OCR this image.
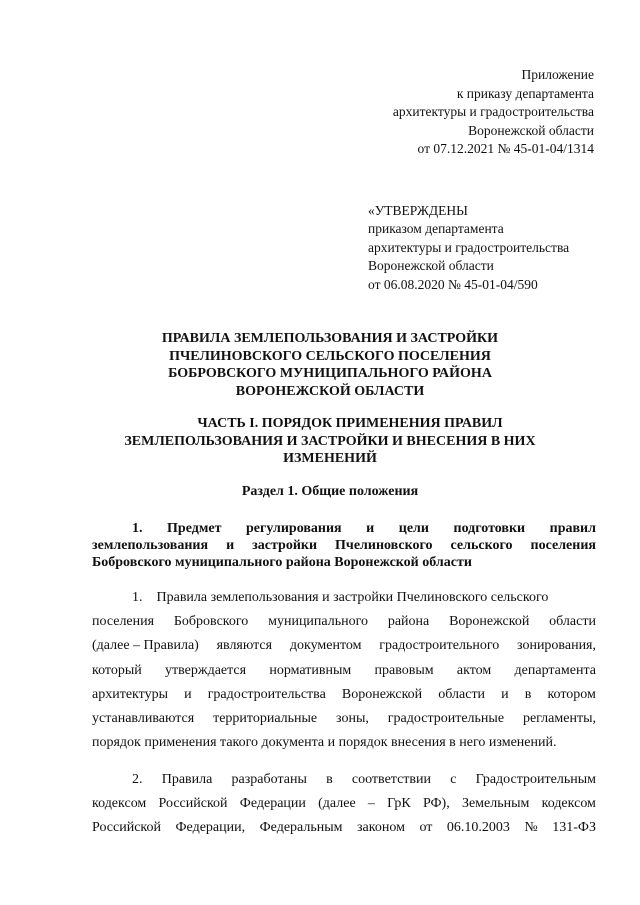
Приложение
к приказу департамента
архитектуры и градостроительства
Воронежской области
от 07.12.2021 № 45-01-04/1314
«УТВЕРЖДЕНЫ
приказом департамента
архитектуры и градостроительства
Воронежской области
от 06.08.2020 № 45-01-04/590
ПРАВИЛА ЗЕМЛЕПОЛЬЗОВАНИЯ И ЗАСТРОЙКИ
ПЧЕЛИНОВСКОГО СЕЛЬСКОГО ПОСЕЛЕНИЯ
БОБРОВСКОГО МУНИЦИПАЛЬНОГО РАЙОНА
ВОРОНЕЖСКОЙ ОБЛАСТИ
ЧАСТЬ I. ПОРЯДОК ПРИМЕНЕНИЯ ПРАВИЛ
ЗЕМЛЕПОЛЬЗОВАНИЯ И ЗАСТРОЙКИ И ВНЕСЕНИЯ В НИХ
ИЗМЕНЕНИЙ
Раздел 1. Общие положения
1. Предмет регулирования и цели подготовки правил
землепользования и застройки Пчелиновского сельского поселения
Бобровского муниципального района Воронежской области
1.    Правила землепользования и застройки Пчелиновского сельского
поселения Бобровского муниципального района Воронежской области
(далее – Правила) являются документом градостроительного зонирования,
который утверждается нормативным правовым актом департамента
архитектуры и градостроительства Воронежской области и в котором
устанавливаются территориальные зоны, градостроительные регламенты,
порядок применения такого документа и порядок внесения в него изменений.
2. Правила разработаны в соответствии с Градостроительным
кодексом Российской Федерации (далее – ГрК РФ), Земельным кодексом
Российской Федерации, Федеральным законом от 06.10.2003 № 131-ФЗ
